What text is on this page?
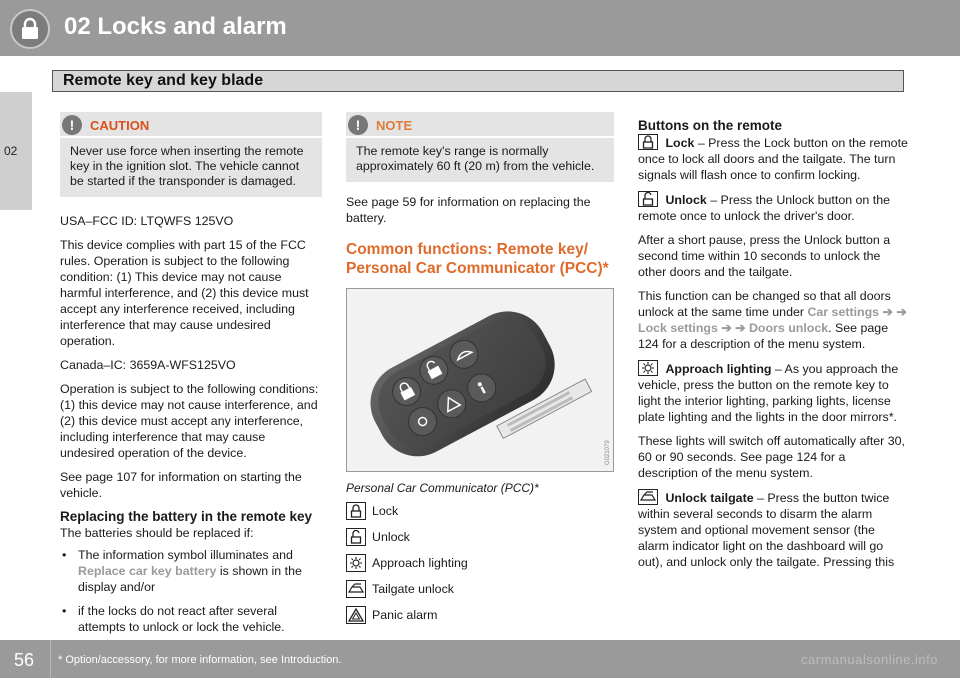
02 Locks and alarm
Remote key and key blade
02
!	CAUTION
Never use force when inserting the remote key in the ignition slot. The vehicle cannot be started if the transponder is damaged.

USA–FCC ID: LTQWFS 125VO

This device complies with part 15 of the FCC rules. Operation is subject to the following condition: (1) This device may not cause harmful interference, and (2) this device must accept any interference received, including interference that may cause undesired operation.

Canada–IC: 3659A-WFS125VO

Operation is subject to the following conditions: (1) this device may not cause interference, and (2) this device must accept any interference, including interference that may cause undesired operation of the device.

See page 107 for information on starting the vehicle.

Replacing the battery in the remote key
The batteries should be replaced if:
• The information symbol illuminates and Replace car key battery is shown in the display and/or
• if the locks do not react after several attempts to unlock or lock the vehicle.
!	NOTE
The remote key's range is normally approximately 60 ft (20 m) from the vehicle.

See page 59 for information on replacing the battery.

Common functions: Remote key/ Personal Car Communicator (PCC)*
G021079
Personal Car Communicator (PCC)*
Lock
Unlock
Approach lighting
Tailgate unlock
Panic alarm
Buttons on the remote

Lock – Press the Lock button on the remote once to lock all doors and the tailgate. The turn signals will flash once to confirm locking.

Unlock – Press the Unlock button on the remote once to unlock the driver's door.

After a short pause, press the Unlock button a second time within 10 seconds to unlock the other doors and the tailgate.

This function can be changed so that all doors unlock at the same time under Car settings ➔ ➔ Lock settings ➔ ➔ Doors unlock. See page 124 for a description of the menu system.

Approach lighting – As you approach the vehicle, press the button on the remote key to light the interior lighting, parking lights, license plate lighting and the lights in the door mirrors*.

These lights will switch off automatically after 30, 60 or 90 seconds. See page 124 for a description of the menu system.

Unlock tailgate – Press the button twice within several seconds to disarm the alarm system and optional movement sensor (the alarm indicator light on the dashboard will go out), and unlock only the tailgate. Pressing this

56 * Option/accessory, for more information, see Introduction.	carmanualsonline.info
